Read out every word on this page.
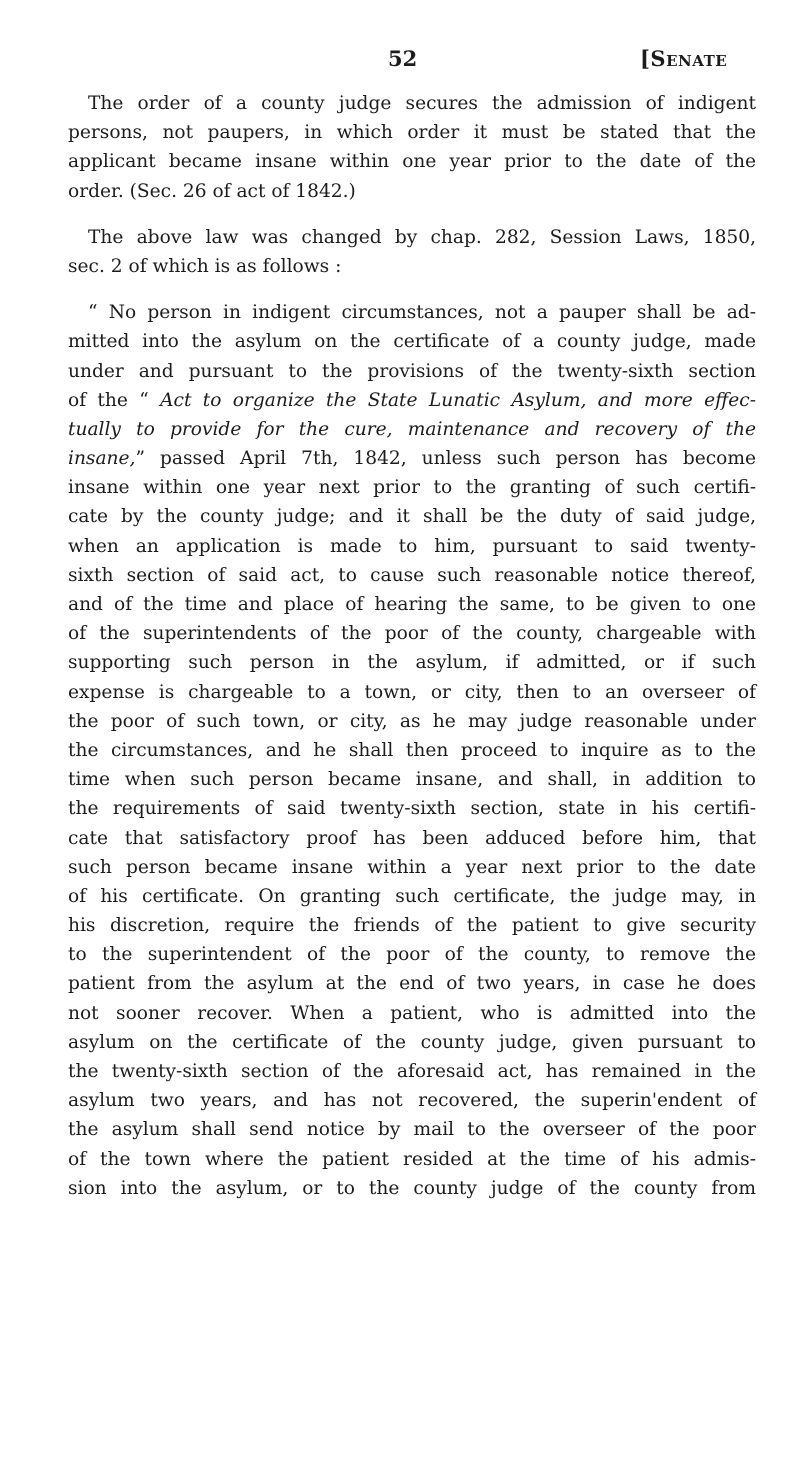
52	[Senate
The order of a county judge secures the admission of indigent
persons, not paupers, in which order it must be stated that the
applicant became insane within one year prior to the date of the
order. (Sec. 26 of act of 1842.)
The above law was changed by chap. 282, Session Laws, 1850,
sec. 2 of which is as follows :
“ No person in indigent circumstances, not a pauper shall be ad-
mitted into the asylum on the certificate of a county judge, made
under and pursuant to the provisions of the twenty-sixth section
of the “ Act to organize the State Lunatic Asylum, and more effec-
tually to provide for the cure, maintenance and recovery of the
insane,” passed April 7th, 1842, unless such person has become
insane within one year next prior to the granting of such certifi-
cate by the county judge; and it shall be the duty of said judge,
when an application is made to him, pursuant to said twenty-
sixth section of said act, to cause such reasonable notice thereof,
and of the time and place of hearing the same, to be given to one
of the superintendents of the poor of the county, chargeable with
supporting such person in the asylum, if admitted, or if such
expense is chargeable to a town, or city, then to an overseer of
the poor of such town, or city, as he may judge reasonable under
the circumstances, and he shall then proceed to inquire as to the
time when such person became insane, and shall, in addition to
the requirements of said twenty-sixth section, state in his certifi-
cate that satisfactory proof has been adduced before him, that
such person became insane within a year next prior to the date
of his certificate. On granting such certificate, the judge may, in
his discretion, require the friends of the patient to give security
to the superintendent of the poor of the county, to remove the
patient from the asylum at the end of two years, in case he does
not sooner recover. When a patient, who is admitted into the
asylum on the certificate of the county judge, given pursuant to
the twenty-sixth section of the aforesaid act, has remained in the
asylum two years, and has not recovered, the superin'endent of
the asylum shall send notice by mail to the overseer of the poor
of the town where the patient resided at the time of his admis-
sion into the asylum, or to the county judge of the county from
